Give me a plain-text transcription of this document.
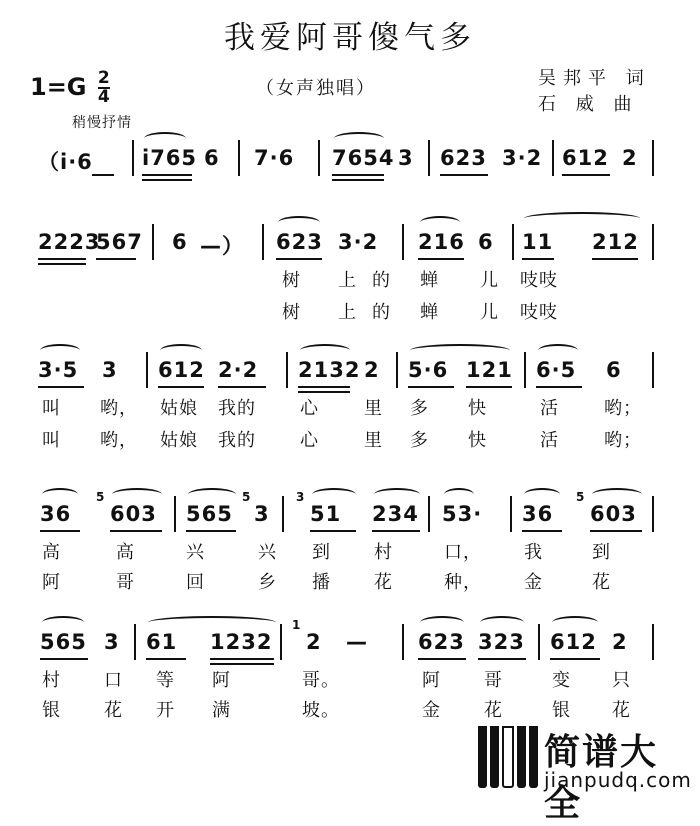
我爱阿哥傻气多
$1=G \frac{2}{4}$	（女声独唱）	吴邦平 词
石 威 曲
稍慢抒情
（i·6 i765 6 7·6 7654 3 623 3·2 612 2
2223
567 6 —） 623 3·2 216 6 11 212
树 上 的 蝉 儿 吱吱
树 上 的 蝉 儿 吱吱
3·5 3 612 2·2 2132 2 5·6 121 6·5 6
叫 哟， 姑娘 我的 心	里 多 快	活	哟；
叫 哟， 姑娘 我的 心	里 多 快	活	哟；
36
5
603 565
5
3
3
51 234 53· 36
5
603
高	高	兴	兴 到 村	口， 我	到
阿	哥	回	乡 播 花	种， 金	花
565 3 61 1232
1
2 — 623 323 612 2
村 口 等 阿	哥。	阿 哥	变 只
银 花 开 满	坡。	金 花	银 花
简谱大全
jianpudq.com
